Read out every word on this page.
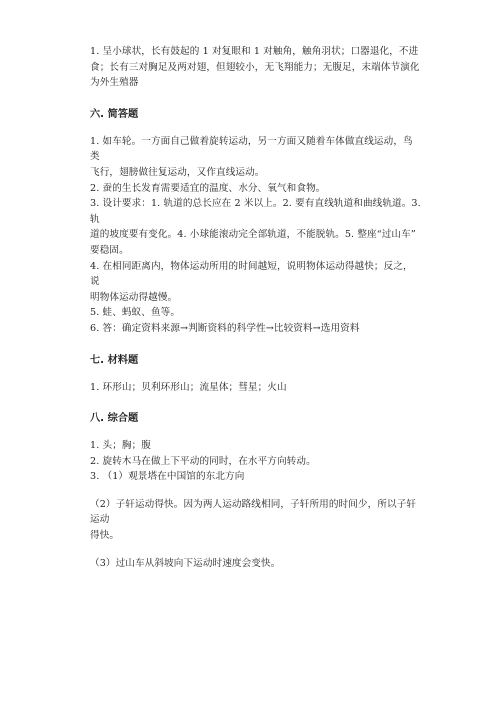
1. 呈小球状，长有鼓起的 1 对复眼和 1 对触角，触角羽状；口器退化，不进

食；长有三对胸足及两对翅，但翅较小，无飞翔能力；无腹足，末端体节演化

为外生殖器

六. 简答题

1. 如车轮。一方面自己做着旋转运动，另一方面又随着车体做直线运动，鸟类

飞行，翅膀做往复运动，又作直线运动。

2. 蚕的生长发育需要适宜的温度、水分、氧气和食物。

3. 设计要求：1. 轨道的总长应在 2 米以上。2. 要有直线轨道和曲线轨道。3. 轨

道的坡度要有变化。4. 小球能滚动完全部轨道，不能脱轨。5. 整座“过山车”

要稳固。

4. 在相同距离内，物体运动所用的时间越短，说明物体运动得越快；反之，说

明物体运动得越慢。

5. 蛙、蚂蚁、鱼等。

6. 答：确定资料来源→判断资料的科学性→比较资料→选用资料

七. 材料题

1. 环形山；贝利环形山；流星体；彗星；火山

八. 综合题

1. 头；胸；腹

2. 旋转木马在做上下平动的同时，在水平方向转动。

3. （1）观景塔在中国馆的东北方向

（2）子轩运动得快。因为两人运动路线相同，子轩所用的时间少，所以子轩运动

得快。

（3）过山车从斜坡向下运动时速度会变快。
